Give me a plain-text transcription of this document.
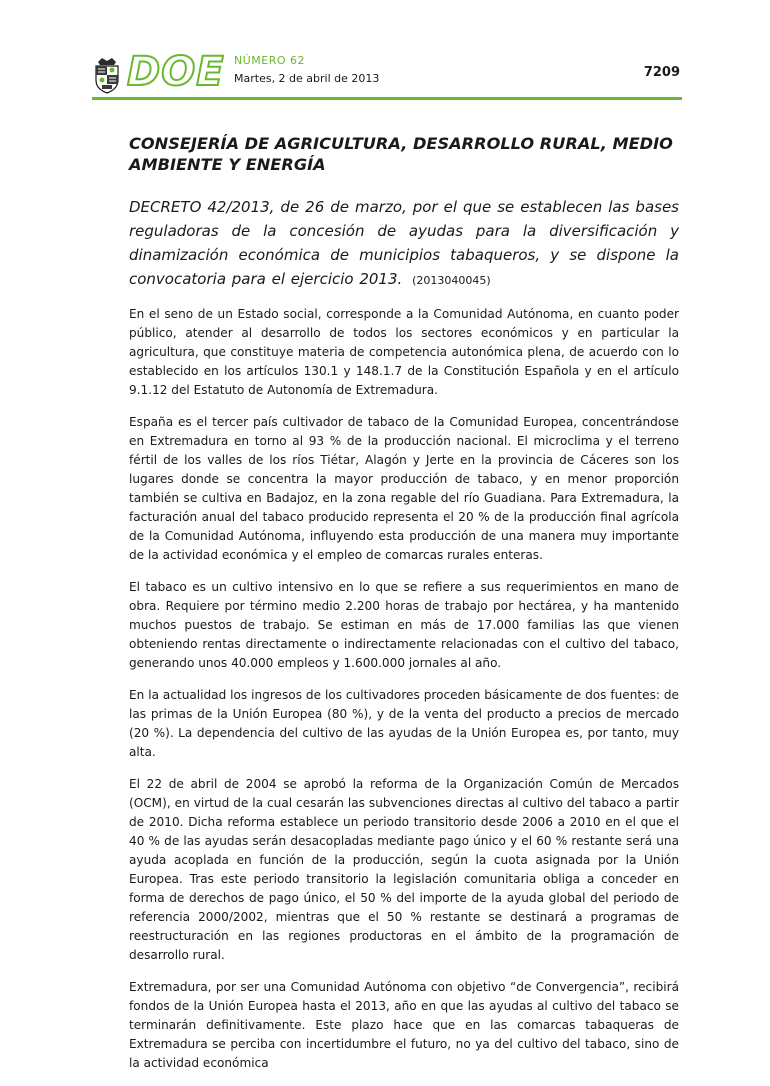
DOE NÚMERO 62
Martes, 2 de abril de 2013	7209
CONSEJERÍA DE AGRICULTURA, DESARROLLO RURAL, MEDIO AMBIENTE Y ENERGÍA

DECRETO 42/2013, de 26 de marzo, por el que se establecen las bases reguladoras de la concesión de ayudas para la diversificación y dinamización económica de municipios tabaqueros, y se dispone la convocatoria para el ejercicio 2013. (2013040045)

En el seno de un Estado social, corresponde a la Comunidad Autónoma, en cuanto poder público, atender al desarrollo de todos los sectores económicos y en particular la agricultura, que constituye materia de competencia autonómica plena, de acuerdo con lo establecido en los artículos 130.1 y 148.1.7 de la Constitución Española y en el artículo 9.1.12 del Estatuto de Autonomía de Extremadura.

España es el tercer país cultivador de tabaco de la Comunidad Europea, concentrándose en Extremadura en torno al 93 % de la producción nacional. El microclima y el terreno fértil de los valles de los ríos Tiétar, Alagón y Jerte en la provincia de Cáceres son los lugares donde se concentra la mayor producción de tabaco, y en menor proporción también se cultiva en Badajoz, en la zona regable del río Guadiana. Para Extremadura, la facturación anual del tabaco producido representa el 20 % de la producción final agrícola de la Comunidad Autónoma, influyendo esta producción de una manera muy importante de la actividad económica y el empleo de comarcas rurales enteras.

El tabaco es un cultivo intensivo en lo que se refiere a sus requerimientos en mano de obra. Requiere por término medio 2.200 horas de trabajo por hectárea, y ha mantenido muchos puestos de trabajo. Se estiman en más de 17.000 familias las que vienen obteniendo rentas directamente o indirectamente relacionadas con el cultivo del tabaco, generando unos 40.000 empleos y 1.600.000 jornales al año.

En la actualidad los ingresos de los cultivadores proceden básicamente de dos fuentes: de las primas de la Unión Europea (80 %), y de la venta del producto a precios de mercado (20 %). La dependencia del cultivo de las ayudas de la Unión Europea es, por tanto, muy alta.

El 22 de abril de 2004 se aprobó la reforma de la Organización Común de Mercados (OCM), en virtud de la cual cesarán las subvenciones directas al cultivo del tabaco a partir de 2010. Dicha reforma establece un periodo transitorio desde 2006 a 2010 en el que el 40 % de las ayudas serán desacopladas mediante pago único y el 60 % restante será una ayuda acoplada en función de la producción, según la cuota asignada por la Unión Europea. Tras este periodo transitorio la legislación comunitaria obliga a conceder en forma de derechos de pago único, el 50 % del importe de la ayuda global del periodo de referencia 2000/2002, mientras que el 50 % restante se destinará a programas de reestructuración en las regiones productoras en el ámbito de la programación de desarrollo rural.

Extremadura, por ser una Comunidad Autónoma con objetivo “de Convergencia”, recibirá fondos de la Unión Europea hasta el 2013, año en que las ayudas al cultivo del tabaco se terminarán definitivamente. Este plazo hace que en las comarcas tabaqueras de Extremadura se perciba con incertidumbre el futuro, no ya del cultivo del tabaco, sino de la actividad económica
